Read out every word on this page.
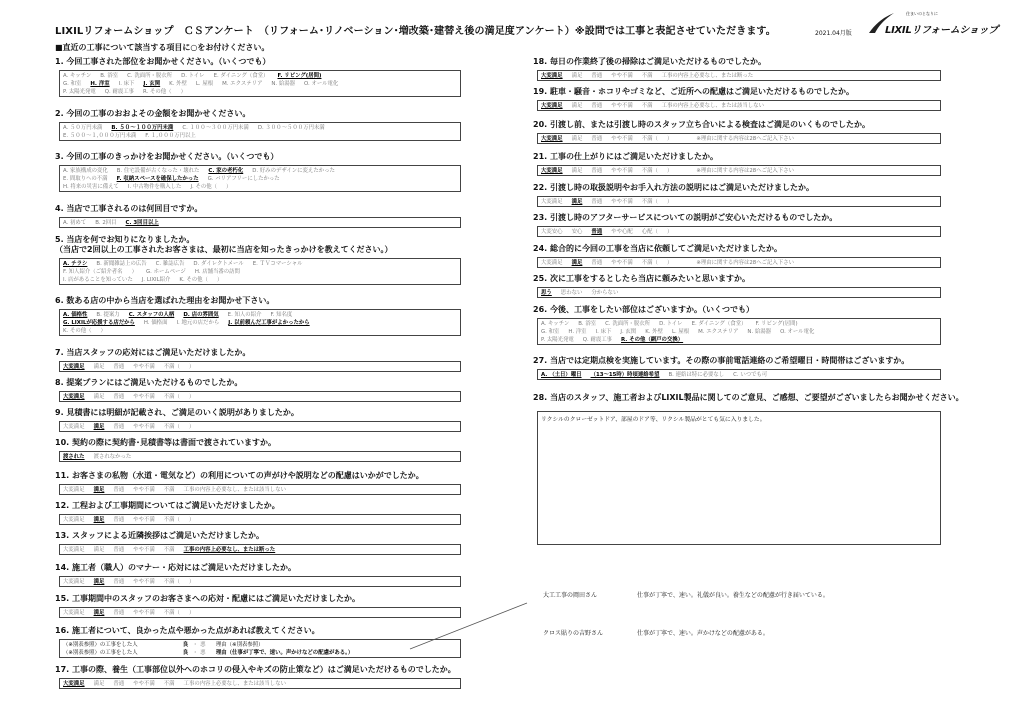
LIXILリフォームショップ　ＣＳアンケート　（リフォーム･リノベーション･増改築･建替え後の満足度アンケート）※設問では工事と表記させていただきます。	2021.04月版
住まいのとなりに
LIXILリフォームショップ
■直近の工事について該当する項目に○をお付けください。
1. 今回工事された部位をお聞かせください。（いくつでも）
A. キッチン B. 浴室 C. 洗面所・脱衣所 D. トイレ E. ダイニング（食堂） F. リビング(居間)
G. 和室 H. 洋室 I. 床下 J. 玄関 K. 外壁 L. 屋根 M. エクステリア N. 給湯器 O. オール電化
P. 太陽光発電 Q. 耐震工事 R. その他（ ）
2. 今回の工事のおおよその金額をお聞かせください。
A. ５０万円未満 B. ５０～１００万円未満 C. １００～３００万円未満 D. ３００～５００万円未満
E. ５００～１,０００万円未満 F. １,０００万円以上
3. 今回の工事のきっかけをお聞かせください。（いくつでも）
A. 家族構成の変化 B. 住宅設備が古くなった・壊れた C. 家の老朽化 D. 好みのデザインに変えたかった
E. 間取りへの不満 F. 収納スペースを確保したかった G. バリアフリーにしたかった
H. 将来の災害に備えて I. 中古物件を購入した J. その他（ ）
4. 当店で工事されるのは何回目ですか。
A. 初めて B. 2回目 C. 3回目以上
5. 当店を何でお知りになりましたか。
（当店で2回以上の工事されたお客さまは、最初に当店を知ったきっかけを教えてください。）
A. チラシ B. 新聞雑誌上の広告 C. 雑誌広告 D. ダイレクトメール E. ＴＶコマーシャル
F. 知人紹介（ご紹介者名 ） G. ホームページ H. 店舗当番の訪問
I. 店があることを知っていた J. LIXIL紹介 K. その他（ ）
6. 数ある店の中から当店を選ばれた理由をお聞かせ下さい。
A. 価格性 B. 提案力 C. スタッフの人柄 D. 店の雰囲気 E. 知人の紹介 F. 知名度
G. LIXILが応援する店だから H. 価格面 I. 地元の店だから J. 以前頼んだ工事がよかったから
K. その他（ ）
7. 当店スタッフの応対にはご満足いただけましたか。
大変満足 満足 普通 やや不満 不満（ ）
8. 提案プランにはご満足いただけるものでしたか。
大変満足 満足 普通 やや不満 不満（ ）
9. 見積書には明細が記載され、ご満足のいく説明がありましたか。
大変満足 満足 普通 やや不満 不満（ ）
10. 契約の際に契約書･見積書等は書面で渡されていますか。
渡された 渡されなかった
11. お客さまの私物（水道・電気など）の利用についての声がけや説明などの配慮はいかがでしたか。
大変満足 満足 普通 やや不満 不満 工事の内容上必要なし、または該当しない
12. 工程および工事期間についてはご満足いただけましたか。
大変満足 満足 普通 やや不満 不満（ ）
13. スタッフによる近隣挨拶はご満足いただけましたか。
大変満足 満足 普通 やや不満 不満 工事の内容上必要なし、または断った
14. 施工者（職人）のマナー・応対にはご満足いただけましたか。
大変満足 満足 普通 やや不満 不満（ ）
15. 工事期間中のスタッフのお客さまへの応対・配慮にはご満足いただけましたか。
大変満足 満足 普通 やや不満 不満（ ）
17. 工事の際、養生（工事部位以外へのホコリの侵入やキズの防止策など）はご満足いただけるものでしたか。
大変満足 満足 普通 やや不満 不満 工事の内容上必要なし、または該当しない
18. 毎日の作業終了後の掃除はご満足いただけるものでしたか。
大変満足 満足 普通 やや不満 不満 工事の内容上必要なし、または断った
19. 駐車・騒音・ホコリやゴミなど、ご近所への配慮はご満足いただけるものでしたか。
大変満足 満足 普通 やや不満 不満 工事の内容上必要なし、または該当しない
20. 引渡し前、または引渡し時のスタッフ立ち合いによる検査はご満足のいくものでしたか。
大変満足 満足 普通 やや不満 不満（ ）	※理由に関する内容は28へご記入下さい
21. 工事の仕上がりにはご満足いただけましたか。
大変満足 満足 普通 やや不満 不満（ ）	※理由に関する内容は28へご記入下さい
22. 引渡し時の取扱説明やお手入れ方法の説明にはご満足いただけましたか。
大変満足 満足 普通 やや不満 不満（ ）
23. 引渡し時のアフターサービスについての説明がご安心いただけるものでしたか。
大変安心 安心 普通 やや心配 心配（ ）
24. 総合的に今回の工事を当店に依頼してご満足いただけましたか。
大変満足 満足 普通 やや不満 不満（ ）	※理由に関する内容は28へご記入下さい
25. 次に工事をするとしたら当店に頼みたいと思いますか。
思う 思わない 分からない
26. 今後、工事をしたい部位はございますか。（いくつでも）
A. キッチン B. 浴室 C. 洗面所・脱衣所 D. トイレ E. ダイニング（食堂） F. リビング(居間)
G. 和室 H. 洋室 I. 床下 J. 玄関 K. 外壁 L. 屋根 M. エクステリア N. 給湯器 O. オール電化
P. 太陽光発電 Q. 耐震工事 R. その他（網戸の交換）
27. 当店では定期点検を実施しています。その際の事前電話連絡のご希望曜日・時間帯はございますか。
A. （土日）曜日 （13～15時）時頃連絡希望 B. 連絡は特に必要なし C. いつでも可
16. 施工者について、良かった点や悪かった点があれば教えてください。
（※別表参照）の工事をした人	良 ・ 悪 理由（※別表参照）
（※別表参照）の工事をした人	良 ・ 悪 理由（仕事が丁寧で、速い。声かけなどの配慮がある。）
28. 当店のスタッフ、施工者およびLIXIL製品に関してのご意見、ご感想、ご要望がございましたらお聞かせください。
リクシルのクローゼットドア、部屋のドア等、リクシル製品がとても気に入りました。
大工工事の岡田さん	仕事が丁寧で、速い。礼儀が良い。養生などの配慮が行き届いている。
クロス貼りの吉野さん	仕事が丁寧で、速い。声かけなどの配慮がある。
